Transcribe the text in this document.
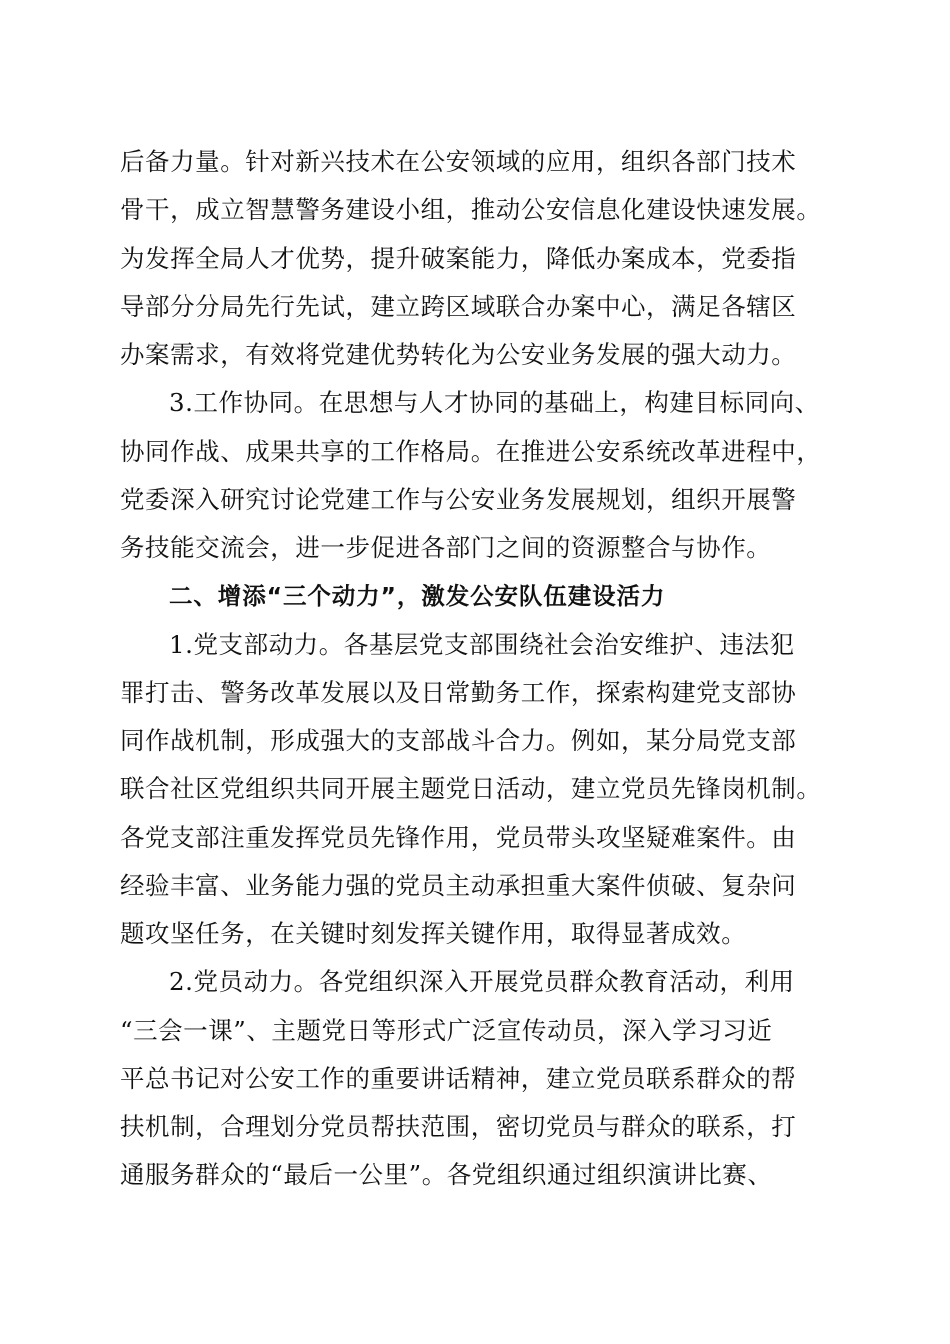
后备力量。针对新兴技术在公安领域的应用，组织各部门技术
骨干，成立智慧警务建设小组，推动公安信息化建设快速发展。
为发挥全局人才优势，提升破案能力，降低办案成本，党委指
导部分分局先行先试，建立跨区域联合办案中心，满足各辖区
办案需求，有效将党建优势转化为公安业务发展的强大动力。
3.工作协同。在思想与人才协同的基础上，构建目标同向、
协同作战、成果共享的工作格局。在推进公安系统改革进程中，
党委深入研究讨论党建工作与公安业务发展规划，组织开展警
务技能交流会，进一步促进各部门之间的资源整合与协作。
二、增添“三个动力”，激发公安队伍建设活力
1.党支部动力。各基层党支部围绕社会治安维护、违法犯
罪打击、警务改革发展以及日常勤务工作，探索构建党支部协
同作战机制，形成强大的支部战斗合力。例如，某分局党支部
联合社区党组织共同开展主题党日活动，建立党员先锋岗机制。
各党支部注重发挥党员先锋作用，党员带头攻坚疑难案件。由
经验丰富、业务能力强的党员主动承担重大案件侦破、复杂问
题攻坚任务，在关键时刻发挥关键作用，取得显著成效。
2.党员动力。各党组织深入开展党员群众教育活动，利用
“三会一课”、主题党日等形式广泛宣传动员，深入学习习近
平总书记对公安工作的重要讲话精神，建立党员联系群众的帮
扶机制，合理划分党员帮扶范围，密切党员与群众的联系，打
通服务群众的“最后一公里”。各党组织通过组织演讲比赛、
